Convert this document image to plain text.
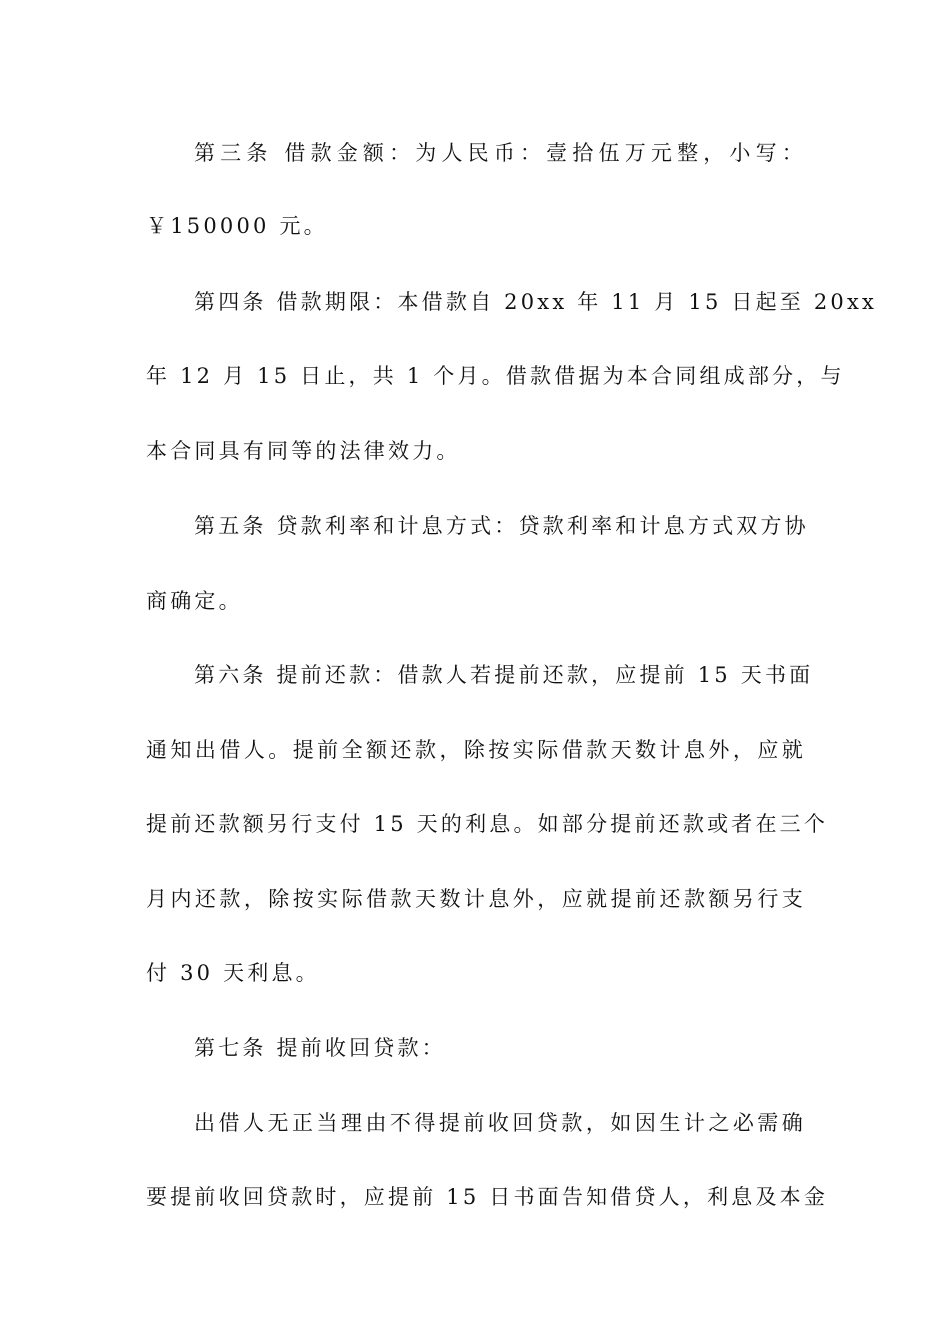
第三条 借款金额：为人民币：壹拾伍万元整，小写：
￥150000 元。
第四条 借款期限：本借款自 20xx 年 11 月 15 日起至 20xx
年 12 月 15 日止，共 1 个月。借款借据为本合同组成部分，与
本合同具有同等的法律效力。
第五条 贷款利率和计息方式：贷款利率和计息方式双方协
商确定。
第六条 提前还款：借款人若提前还款，应提前 15 天书面
通知出借人。提前全额还款，除按实际借款天数计息外，应就
提前还款额另行支付 15 天的利息。如部分提前还款或者在三个
月内还款，除按实际借款天数计息外，应就提前还款额另行支
付 30 天利息。
第七条 提前收回贷款：
出借人无正当理由不得提前收回贷款，如因生计之必需确
要提前收回贷款时，应提前 15 日书面告知借贷人，利息及本金
